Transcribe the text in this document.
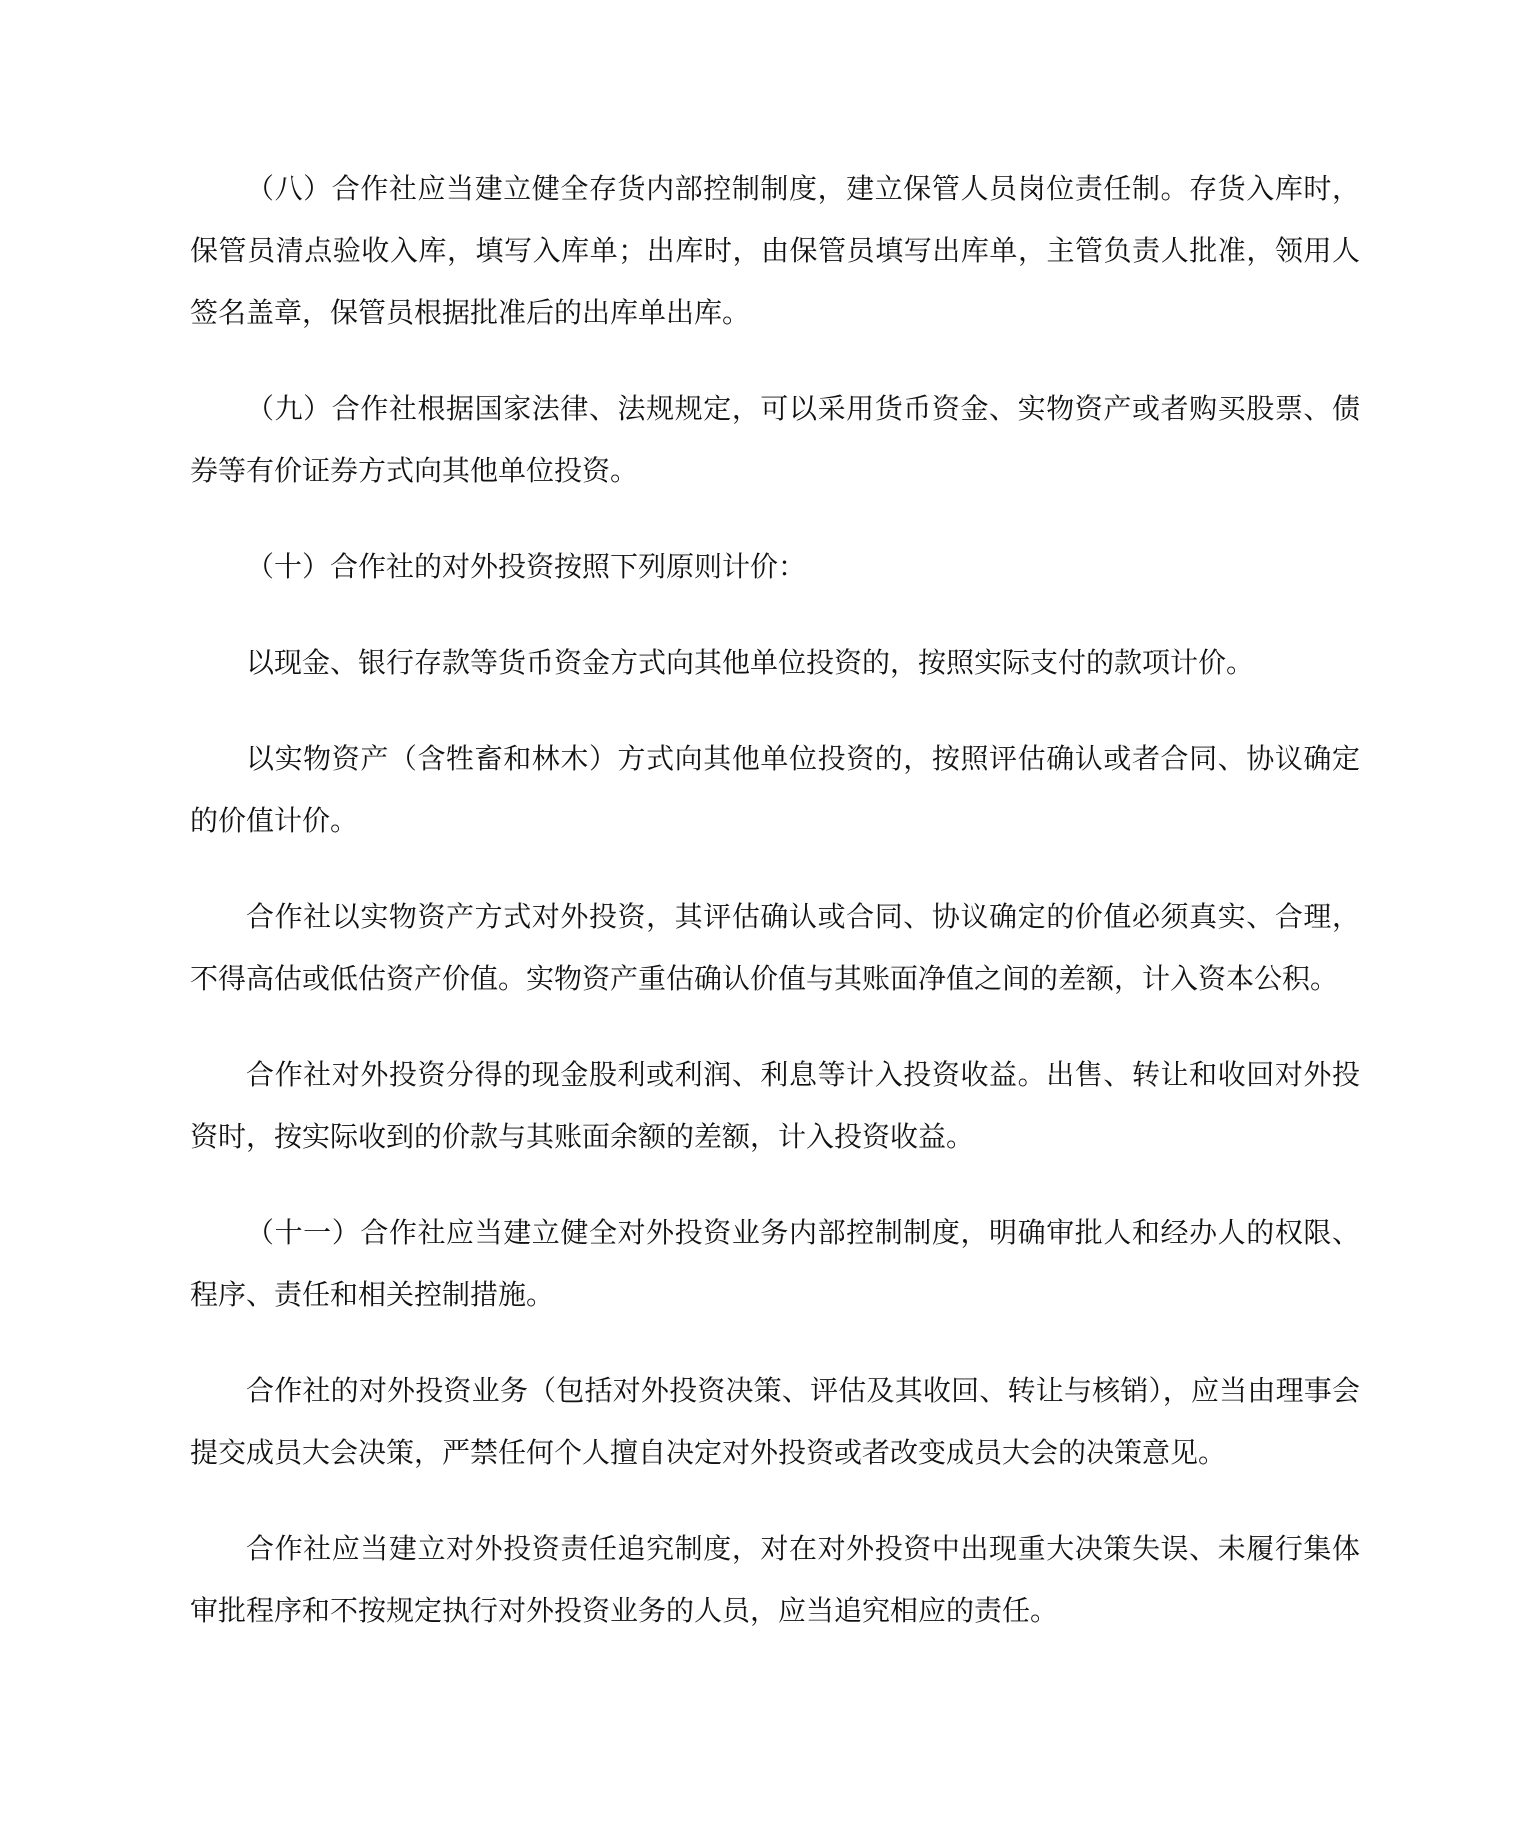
（八）合作社应当建立健全存货内部控制制度，建立保管人员岗位责任制。存货入库时，保管员清点验收入库，填写入库单；出库时，由保管员填写出库单，主管负责人批准，领用人签名盖章，保管员根据批准后的出库单出库。

（九）合作社根据国家法律、法规规定，可以采用货币资金、实物资产或者购买股票、债券等有价证券方式向其他单位投资。

（十）合作社的对外投资按照下列原则计价：

以现金、银行存款等货币资金方式向其他单位投资的，按照实际支付的款项计价。

以实物资产（含牲畜和林木）方式向其他单位投资的，按照评估确认或者合同、协议确定的价值计价。

合作社以实物资产方式对外投资，其评估确认或合同、协议确定的价值必须真实、合理，不得高估或低估资产价值。实物资产重估确认价值与其账面净值之间的差额，计入资本公积。

合作社对外投资分得的现金股利或利润、利息等计入投资收益。出售、转让和收回对外投资时，按实际收到的价款与其账面余额的差额，计入投资收益。

（十一）合作社应当建立健全对外投资业务内部控制制度，明确审批人和经办人的权限、程序、责任和相关控制措施。

合作社的对外投资业务（包括对外投资决策、评估及其收回、转让与核销），应当由理事会提交成员大会决策，严禁任何个人擅自决定对外投资或者改变成员大会的决策意见。

合作社应当建立对外投资责任追究制度，对在对外投资中出现重大决策失误、未履行集体审批程序和不按规定执行对外投资业务的人员，应当追究相应的责任。
